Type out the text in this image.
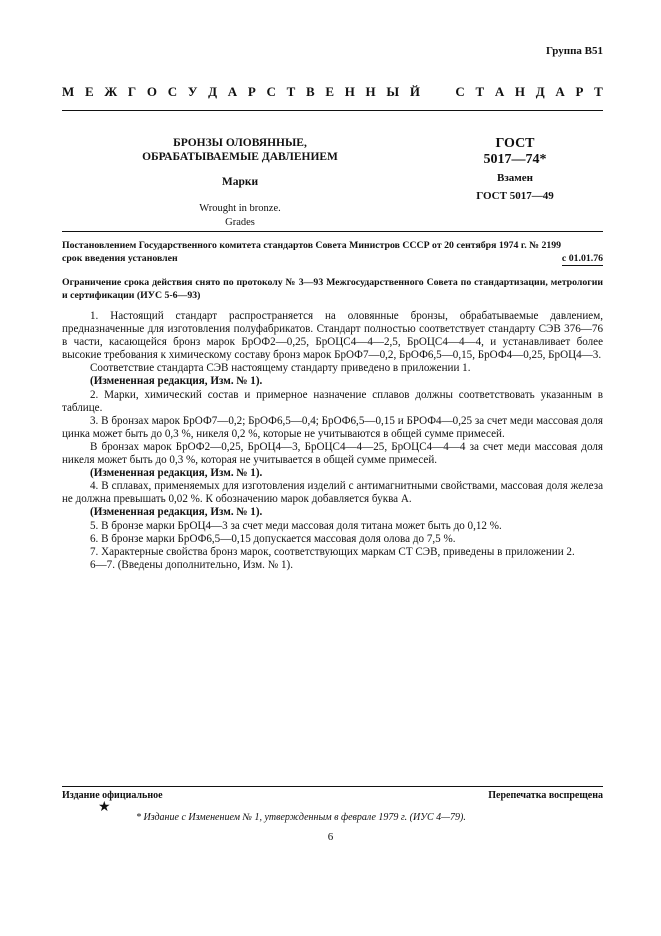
Группа В51
М Е Ж Г О С У Д А Р С Т В Е Н Н Ы Й	С Т А Н Д А Р Т
БРОНЗЫ ОЛОВЯННЫЕ,
ОБРАБАТЫВАЕМЫЕ ДАВЛЕНИЕМ
Марки
Wrought in bronze.
Grades
ГОСТ
5017—74*
Взамен
ГОСТ 5017—49
Постановлением Государственного комитета стандартов Совета Министров СССР от 20 сентября 1974 г. № 2199
срок введения установлен	с 01.01.76
Ограничение срока действия снято по протоколу № 3—93 Межгосударственного Совета по стандартизации, метрологии и сертификации (ИУС 5-6—93)

1. Настоящий стандарт распространяется на оловянные бронзы, обрабатываемые давлением, предназначенные для изготовления полуфабрикатов. Стандарт полностью соответствует стандарту СЭВ 376—76 в части, касающейся бронз марок БрОФ2—0,25, БрОЦС4—4—2,5, БрОЦС4—4—4, и устанавливает более высокие требования к химическому составу бронз марок БрОФ7—0,2, БрОФ6,5—0,15, БрОФ4—0,25, БрОЦ4—3.

Соответствие стандарта СЭВ настоящему стандарту приведено в приложении 1.

(Измененная редакция, Изм. № 1).

2. Марки, химический состав и примерное назначение сплавов должны соответствовать указанным в таблице.

3. В бронзах марок БрОФ7—0,2; БрОФ6,5—0,4; БрОФ6,5—0,15 и БРОФ4—0,25 за счет меди массовая доля цинка может быть до 0,3 %, никеля 0,2 %, которые не учитываются в общей сумме примесей.

В бронзах марок БрОФ2—0,25, БрОЦ4—3, БрОЦС4—4—25, БрОЦС4—4—4 за счет меди массовая доля никеля может быть до 0,3 %, которая не учитывается в общей сумме примесей.

(Измененная редакция, Изм. № 1).

4. В сплавах, применяемых для изготовления изделий с антимагнитными свойствами, массовая доля железа не должна превышать 0,02 %. К обозначению марок добавляется буква А.

(Измененная редакция, Изм. № 1).

5. В бронзе марки БрОЦ4—3 за счет меди массовая доля титана может быть до 0,12 %.

6. В бронзе марки БрОФ6,5—0,15 допускается массовая доля олова до 7,5 %.

7. Характерные свойства бронз марок, соответствующих маркам СТ СЭВ, приведены в приложении 2.

6—7. (Введены дополнительно, Изм. № 1).

Издание официальное	Перепечатка воспрещена
★
* Издание с Изменением № 1, утвержденным в феврале 1979 г. (ИУС 4—79).
6
